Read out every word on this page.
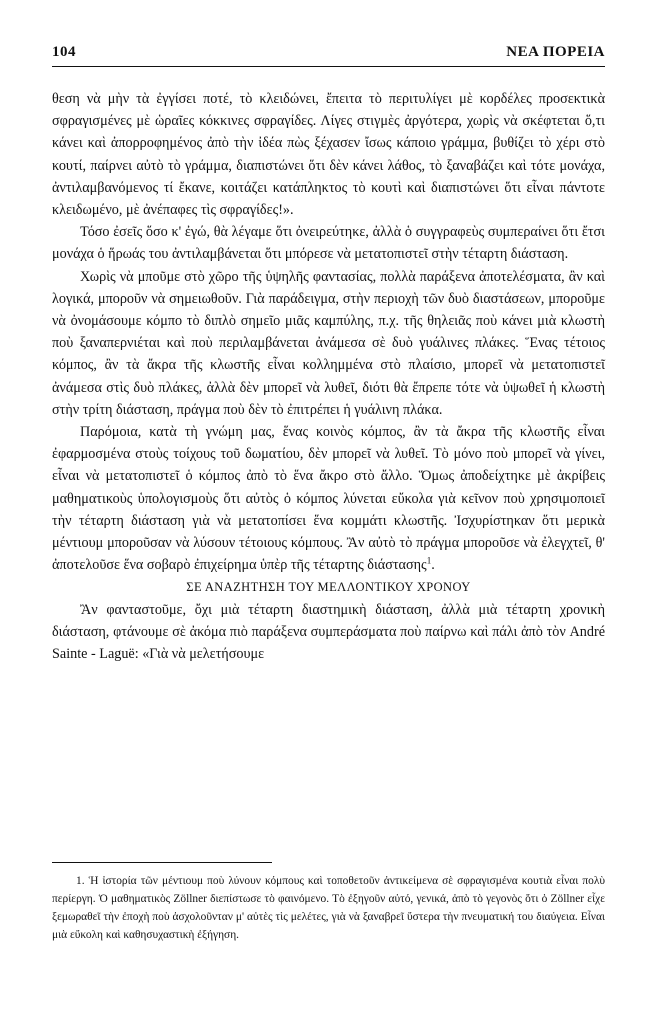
104	ΝΕΑ ΠΟΡΕΙΑ

θεση νὰ μὴν τὰ ἐγγίσει ποτέ, τὸ κλειδώνει, ἔπειτα τὸ περιτυλίγει μὲ κορδέλες προσεκτικὰ σφραγισμένες μὲ ὡραῖες κόκκινες σφραγίδες. Λίγες στιγμὲς ἀργότερα, χωρὶς νὰ σκέφτεται ὅ,τι κάνει καὶ ἀπορροφημένος ἀπὸ τὴν ἰδέα πὼς ξέχασεν ἴσως κάποιο γράμμα, βυθίζει τὸ χέρι στὸ κουτί, παίρνει αὐτὸ τὸ γράμμα, διαπιστώνει ὅτι δὲν κάνει λάθος, τὸ ξαναβάζει καὶ τότε μονάχα, ἀντιλαμβανόμενος τί ἔκανε, κοιτάζει κατάπληκτος τὸ κουτὶ καὶ διαπιστώνει ὅτι εἶναι πάντοτε κλειδωμένο, μὲ ἀνέπαφες τὶς σφραγίδες!».

Τόσο ἐσεῖς ὅσο κ' ἐγώ, θὰ λέγαμε ὅτι ὀνειρεύτηκε, ἀλλὰ ὁ συγγραφεὺς συμπεραίνει ὅτι ἔτσι μονάχα ὁ ἥρωάς του ἀντιλαμβάνεται ὅτι μπόρεσε νὰ μετατοπιστεῖ στὴν τέταρτη διάσταση.

Χωρὶς νὰ μποῦμε στὸ χῶρο τῆς ὑψηλῆς φαντασίας, πολλὰ παράξενα ἀποτελέσματα, ἂν καὶ λογικά, μποροῦν νὰ σημειωθοῦν. Γιὰ παράδειγμα, στὴν περιοχὴ τῶν δυὸ διαστάσεων, μποροῦμε νὰ ὀνομάσουμε κόμπο τὸ διπλὸ σημεῖο μιᾶς καμπύλης, π.χ. τῆς θηλειᾶς ποὺ κάνει μιὰ κλωστὴ ποὺ ξαναπερνιέται καὶ ποὺ περιλαμβάνεται ἀνάμεσα σὲ δυὸ γυάλινες πλάκες. Ἕνας τέτοιος κόμπος, ἂν τὰ ἄκρα τῆς κλωστῆς εἶναι κολλημμένα στὸ πλαίσιο, μπορεῖ νὰ μετατοπιστεῖ ἀνάμεσα στὶς δυὸ πλάκες, ἀλλὰ δὲν μπορεῖ νὰ λυθεῖ, διότι θὰ ἔπρεπε τότε νὰ ὑψωθεῖ ἡ κλωστὴ στὴν τρίτη διάσταση, πράγμα ποὺ δὲν τὸ ἐπιτρέπει ἡ γυάλινη πλάκα.

Παρόμοια, κατὰ τὴ γνώμη μας, ἕνας κοινὸς κόμπος, ἂν τὰ ἄκρα τῆς κλωστῆς εἶναι ἐφαρμοσμένα στοὺς τοίχους τοῦ δωματίου, δὲν μπορεῖ νὰ λυθεῖ. Τὸ μόνο ποὺ μπορεῖ νὰ γίνει, εἶναι νὰ μετατοπιστεῖ ὁ κόμπος ἀπὸ τὸ ἕνα ἄκρο στὸ ἄλλο. Ὅμως ἀποδείχτηκε μὲ ἀκρίβεις μαθηματικοὺς ὑπολογισμοὺς ὅτι αὐτὸς ὁ κόμπος λύνεται εὔκολα γιὰ κεῖνον ποὺ χρησιμοποιεῖ τὴν τέταρτη διάσταση γιὰ νὰ μετατοπίσει ἕνα κομμάτι κλωστῆς. Ἰσχυρίστηκαν ὅτι μερικὰ μέντιουμ μποροῦσαν νὰ λύσουν τέτοιους κόμπους. Ἂν αὐτὸ τὸ πράγμα μποροῦσε νὰ ἐλεγχτεῖ, θ' ἀποτελοῦσε ἕνα σοβαρὸ ἐπιχείρημα ὑπὲρ τῆς τέταρτης διάστασης$^1$.

ΣΕ ΑΝΑΖΗΤΗΣΗ ΤΟΥ ΜΕΛΛΟΝΤΙΚΟΥ ΧΡΟΝΟΥ

Ἂν φανταστοῦμε, ὄχι μιὰ τέταρτη διαστημικὴ διάσταση, ἀλλὰ μιὰ τέταρτη χρονικὴ διάσταση, φτάνουμε σὲ ἀκόμα πιὸ παράξενα συμπεράσματα ποὺ παίρνω καὶ πάλι ἀπὸ τὸν André Sainte - Laguë: «Γιὰ νὰ μελετήσουμε

1. Ἡ ἱστορία τῶν μέντιουμ ποὺ λύνουν κόμπους καὶ τοποθετοῦν ἀντικείμενα σὲ σφραγισμένα κουτιὰ εἶναι πολὺ περίεργη. Ὁ μαθηματικὸς Zöllner διεπίστωσε τὸ φαινόμενο. Τὸ ἐξηγοῦν αὐτό, γενικά, ἀπὸ τὸ γεγονὸς ὅτι ὁ Zöllner εἶχε ξεμωραθεῖ τὴν ἐποχὴ ποὺ ἀσχολοῦνταν μ' αὐτὲς τὶς μελέτες, γιὰ νὰ ξαναβρεῖ ὕστερα τὴν πνευματική του διαύγεια. Εἶναι μιὰ εὔκολη καὶ καθησυχαστικὴ ἐξήγηση.
